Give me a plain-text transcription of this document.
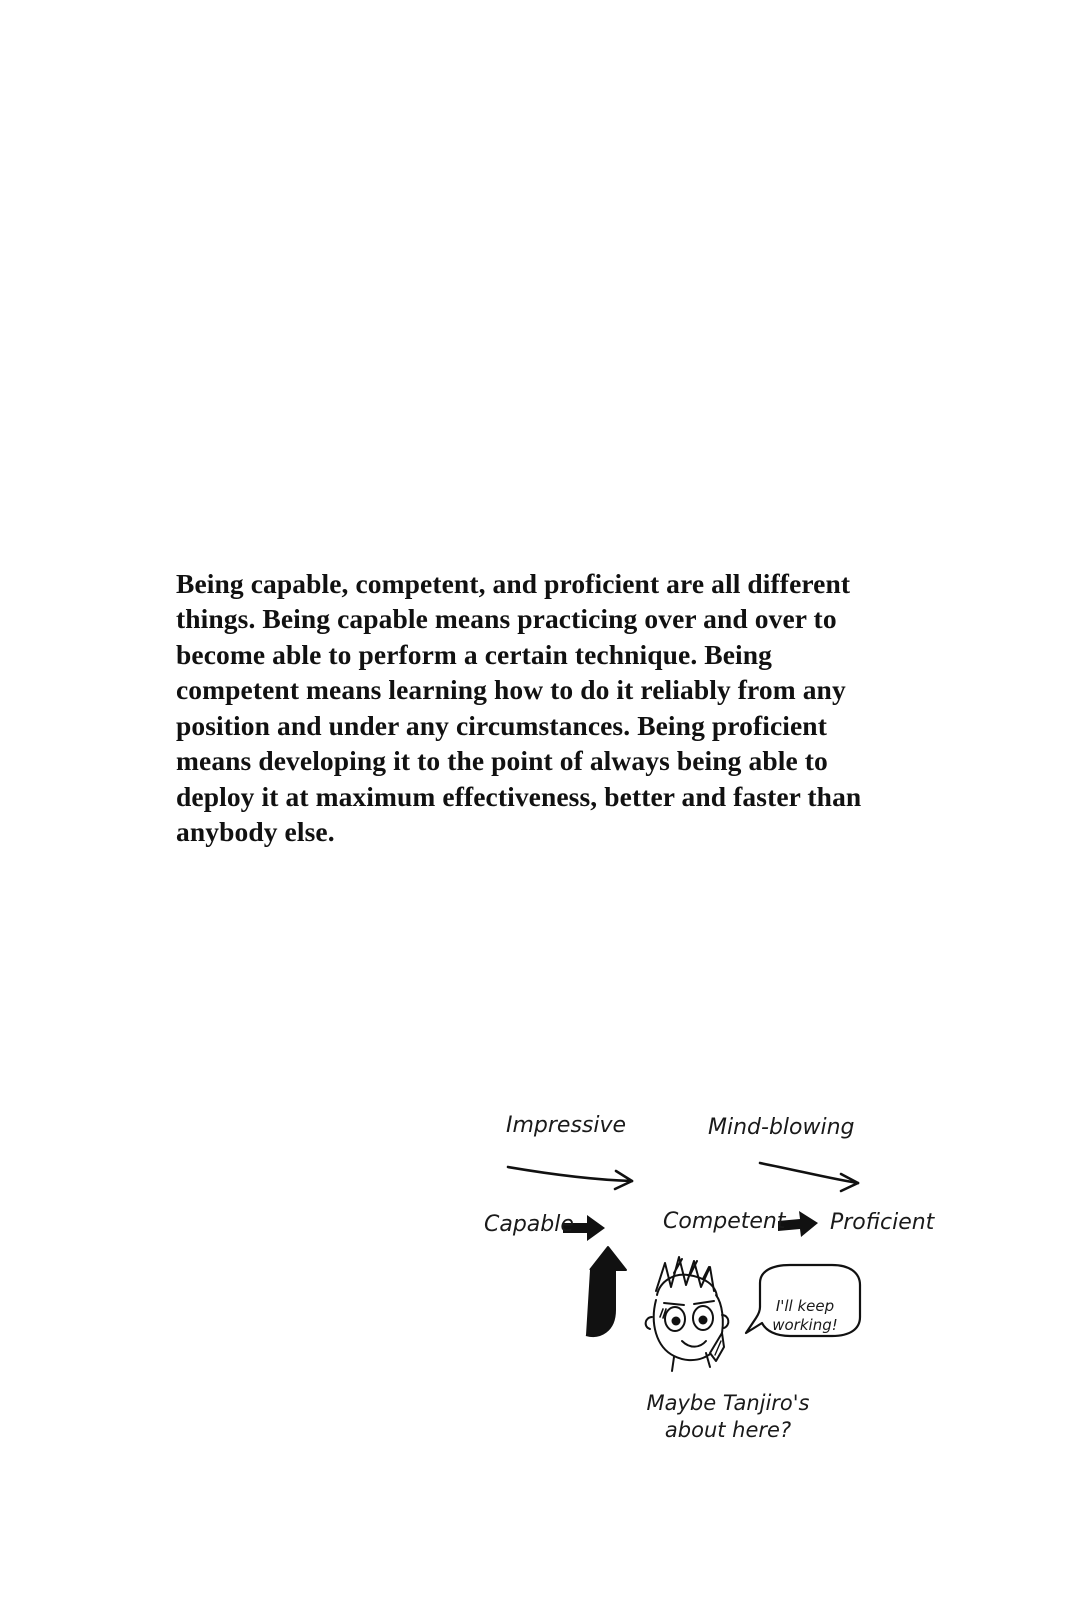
Being capable, competent, and proficient are all different things. Being capable means practicing over and over to become able to perform a certain technique. Being competent means learning how to do it reliably from any position and under any circumstances. Being proficient means developing it to the point of always being able to deploy it at maximum effectiveness, better and faster than anybody else.

Impressive	Mind-blowing
Capable	Competent Proficient
I'll keep working!
Maybe Tanjiro's about here?
